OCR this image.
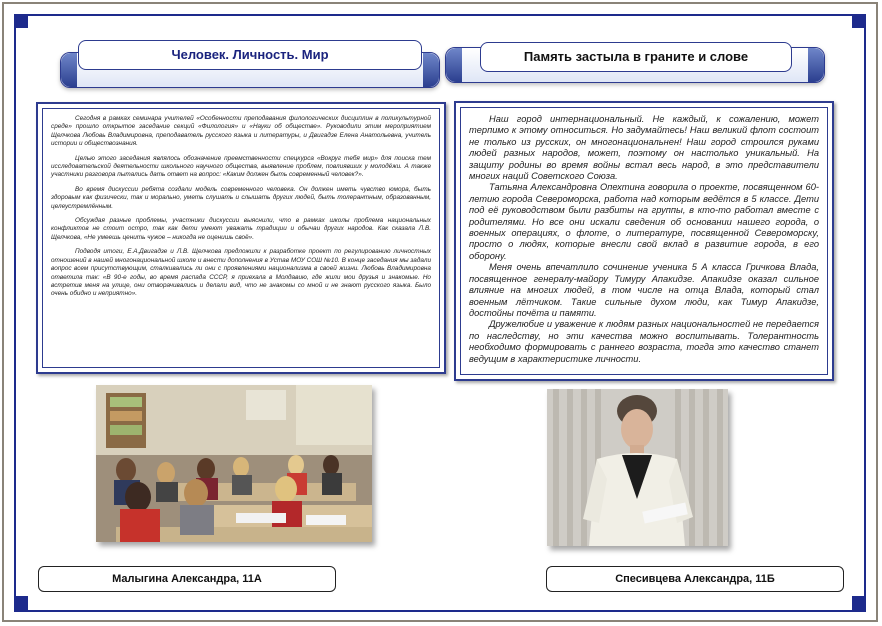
Человек. Личность. Мир	Память застыла в граните и слове

Сегодня в рамках семинара учителей «Особенности преподавания филологических дисциплин в поликультурной среде» прошло открытое заседание секций «Филология» и «Науки об обществе». Руководили этим мероприятием Щелчкова Любовь Владимировна, преподаватель русского языка и литературы, и Двигадзе Елена Анатольевна, учитель истории и обществознания.

Целью этого заседания являлось обозначение преемственности спецкурса «Вокруг тебя мир» для поиска тем исследовательской деятельности школьного научного общества, выявление проблем, повлиявших у молодёжи. А также участники разговора пытались дать ответ на вопрос: «Каким должен быть современный человек?».

Во время дискуссии ребята создали модель современного человека. Он должен иметь чувство юмора, быть здоровым как физически, так и морально, уметь слушать и слышать других людей, быть толерантным, образованным, целеустремлённым.

Обсуждая разные проблемы, участники дискуссии выяснили, что в рамках школы проблема национальных конфликтов не стоит остро, так как дети умеют уважать традиции и обычаи других народов. Как сказала Л.В. Щелчкова, «Не умеешь ценить чужое – никогда не оценишь своё».

Подводя итоги, Е.А.Двигадзе и Л.В. Щелчкова предложили к разработке проект по регулированию личностных отношений в нашей многонациональной школе и внести дополнения в Устав МОУ СОШ №10. В конце заседания мы задали вопрос всем присутствующим, сталкивались ли они с проявлениями национализма в своей жизни. Любовь Владимировна ответила так: «В 90-е годы, во время распада СССР, я приехала в Молдавию, где жили мои друзья и знакомые. Но встретив меня на улице, они отворачивались и делали вид, что не знакомы со мной и не знают русского языка. Было очень обидно и неприятно».

Наш город интернациональный. Не каждый, к сожалению, может терпимо к этому относиться. Но задумайтесь! Наш великий флот состоит не только из русских, он многонациональнен! Наш город строился руками людей разных народов, может, поэтому он настолько уникальный. На защиту родины во время войны встал весь народ, в это представители многих наций Советского Союза.

Татьяна Александровна Опехтина говорила о проекте, посвященном 60-летию города Североморска, работа над которым ведётся в 5 классе. Дети под её руководством были разбиты на группы, в кто-то работал вместе с родителями. Но все они искали сведения об основании нашего города, о военных операциях, о флоте, о литературе, посвященной Североморску, просто о людях, которые внесли свой вклад в развитие города, в его оборону.

Меня очень впечатлило сочинение ученика 5 А класса Гричкова Влада, посвященное генералу-майору Тимуру Апакидзе. Апакидзе оказал сильное влияние на многих людей, в том числе на отца Влада, который стал военным лётчиком. Такие сильные духом люди, как Тимур Апакидзе, достойны почёта и памяти.

Дружелюбие и уважение к людям разных национальностей не передается по наследству, но эти качества можно воспитывать. Толерантность необходимо формировать с раннего возраста, тогда это качество станет ведущим в характеристике личности.

Малыгина Александра, 11А	Спесивцева Александра, 11Б
